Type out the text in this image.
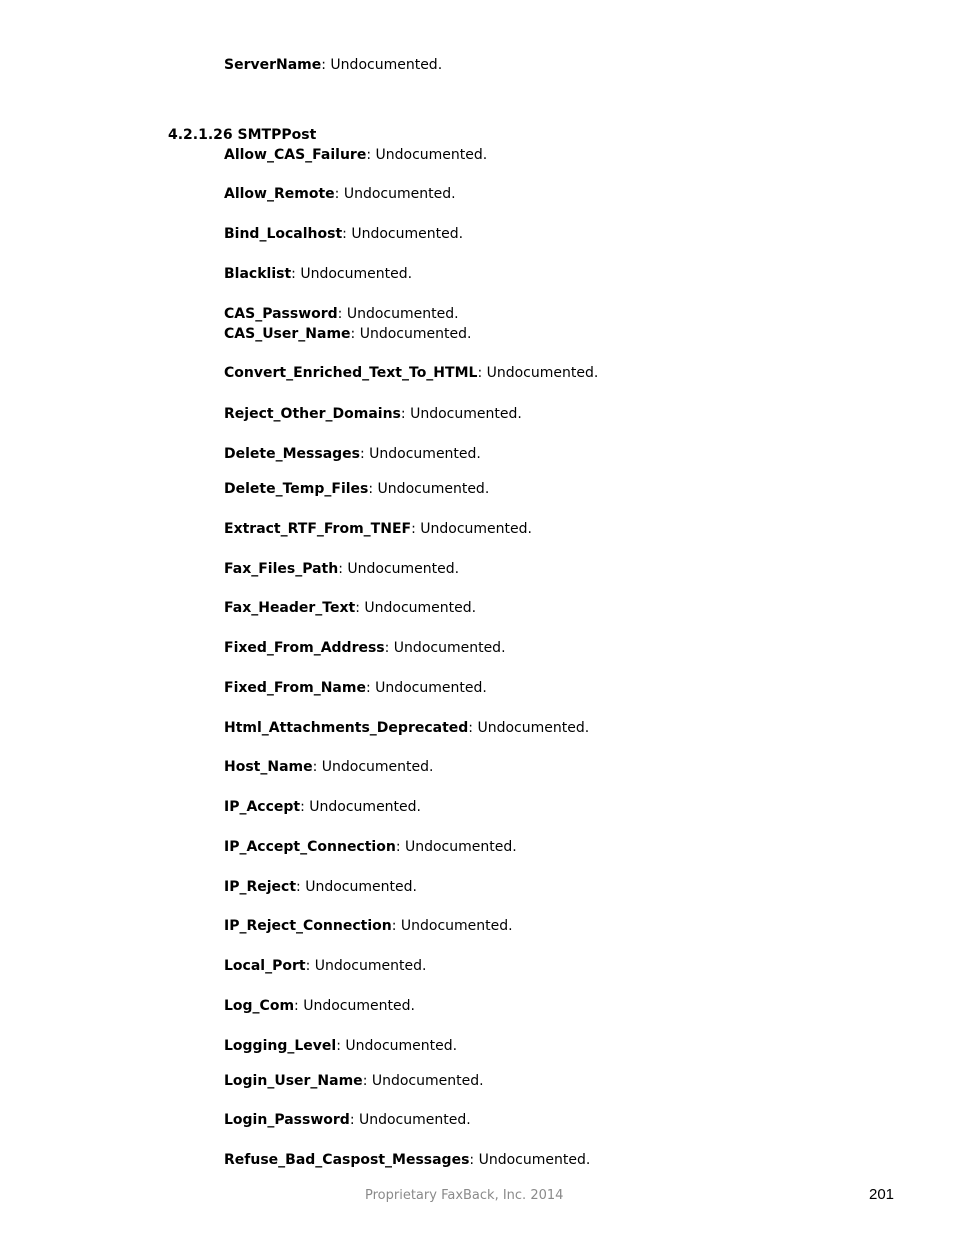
ServerName: Undocumented.
4.2.1.26 SMTPPost
Allow_CAS_Failure: Undocumented.
Allow_Remote: Undocumented.
Bind_Localhost: Undocumented.
Blacklist: Undocumented.
CAS_Password: Undocumented.
CAS_User_Name: Undocumented.
Convert_Enriched_Text_To_HTML: Undocumented.
Reject_Other_Domains: Undocumented.
Delete_Messages: Undocumented.
Delete_Temp_Files: Undocumented.
Extract_RTF_From_TNEF: Undocumented.
Fax_Files_Path: Undocumented.
Fax_Header_Text: Undocumented.
Fixed_From_Address: Undocumented.
Fixed_From_Name: Undocumented.
Html_Attachments_Deprecated: Undocumented.
Host_Name: Undocumented.
IP_Accept: Undocumented.
IP_Accept_Connection: Undocumented.
IP_Reject: Undocumented.
IP_Reject_Connection: Undocumented.
Local_Port: Undocumented.
Log_Com: Undocumented.
Logging_Level: Undocumented.
Login_User_Name: Undocumented.
Login_Password: Undocumented.
Refuse_Bad_Caspost_Messages: Undocumented.
Proprietary FaxBack, Inc. 2014	201
